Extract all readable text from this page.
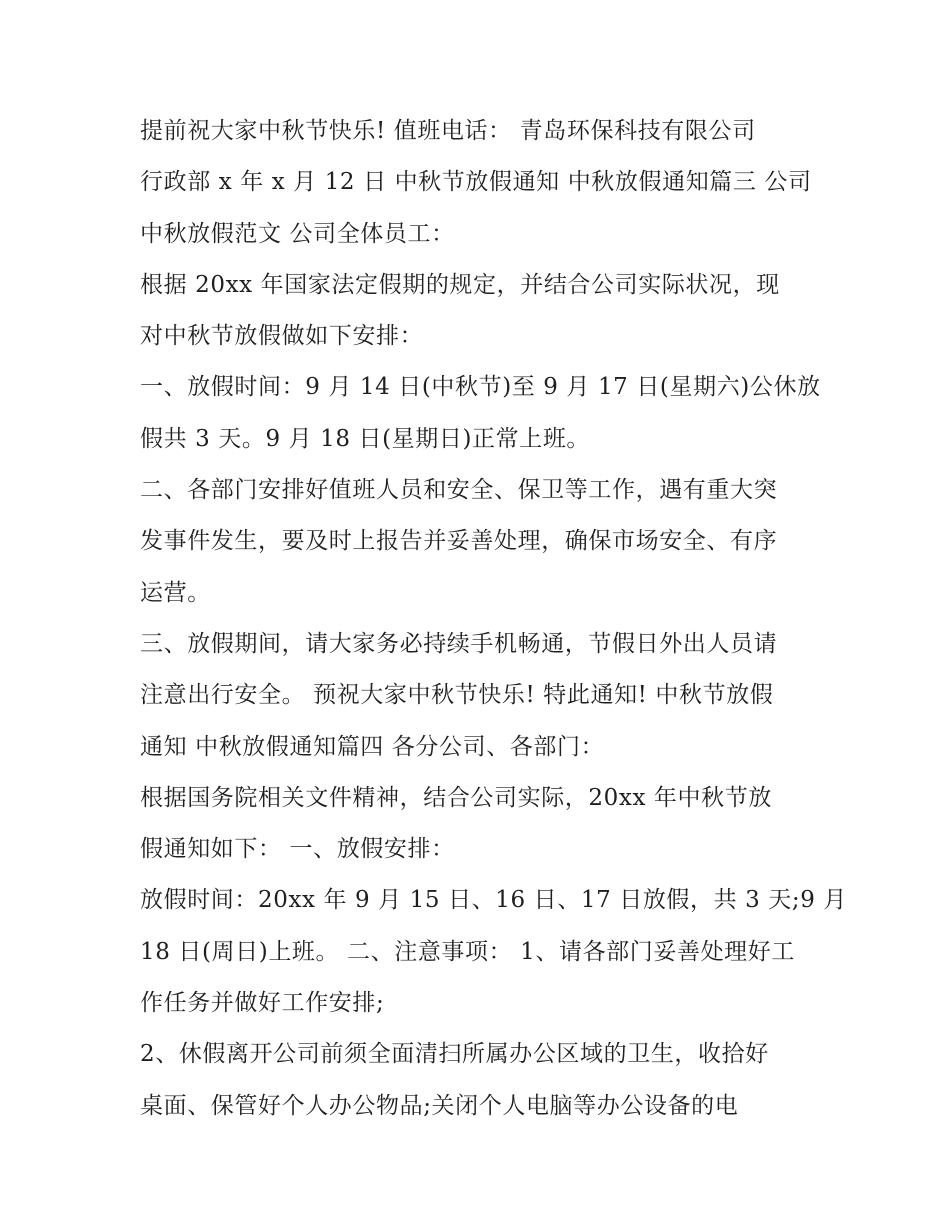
提前祝大家中秋节快乐! 值班电话： 青岛环保科技有限公司
行政部 x 年 x 月 12 日 中秋节放假通知 中秋放假通知篇三 公司
中秋放假范文 公司全体员工：
根据 20xx 年国家法定假期的规定，并结合公司实际状况，现
对中秋节放假做如下安排：
一、放假时间：9 月 14 日(中秋节)至 9 月 17 日(星期六)公休放
假共 3 天。9 月 18 日(星期日)正常上班。
二、各部门安排好值班人员和安全、保卫等工作，遇有重大突
发事件发生，要及时上报告并妥善处理，确保市场安全、有序
运营。
三、放假期间，请大家务必持续手机畅通，节假日外出人员请
注意出行安全。 预祝大家中秋节快乐! 特此通知! 中秋节放假
通知 中秋放假通知篇四 各分公司、各部门：
根据国务院相关文件精神，结合公司实际，20xx 年中秋节放
假通知如下： 一、放假安排：
放假时间：20xx 年 9 月 15 日、16 日、17 日放假，共 3 天;9 月
18 日(周日)上班。 二、注意事项： 1、请各部门妥善处理好工
作任务并做好工作安排;
2、休假离开公司前须全面清扫所属办公区域的卫生，收拾好
桌面、保管好个人办公物品;关闭个人电脑等办公设备的电
